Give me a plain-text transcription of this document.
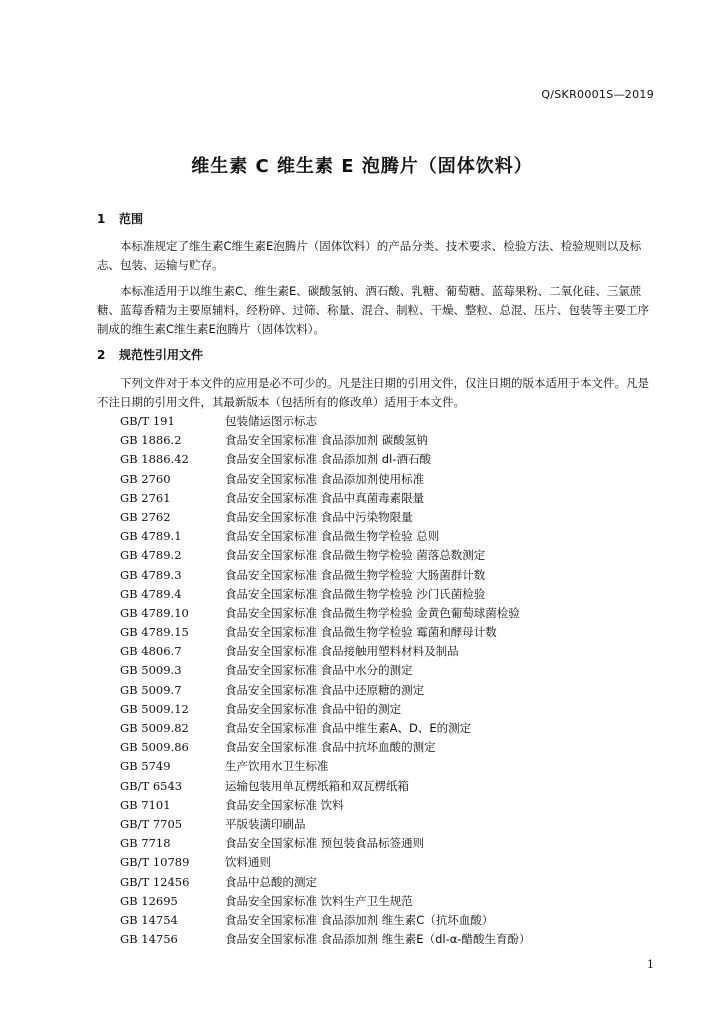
Q/SKR0001S—2019
维生素 C 维生素 E 泡腾片（固体饮料）
1 范围
本标准规定了维生素C维生素E泡腾片（固体饮料）的产品分类、技术要求、检验方法、检验规则以及标志、包装、运输与贮存。
本标准适用于以维生素C、维生素E、碳酸氢钠、酒石酸、乳糖、葡萄糖、蓝莓果粉、二氧化硅、三氯蔗糖、蓝莓香精为主要原辅料，经粉碎、过筛、称量、混合、制粒、干燥、整粒、总混、压片、包装等主要工序制成的维生素C维生素E泡腾片（固体饮料）。
2 规范性引用文件
下列文件对于本文件的应用是必不可少的。凡是注日期的引用文件，仅注日期的版本适用于本文件。凡是不注日期的引用文件，其最新版本（包括所有的修改单）适用于本文件。
GB/T 191	包装储运图示标志
GB 1886.2	食品安全国家标准 食品添加剂 碳酸氢钠
GB 1886.42	食品安全国家标准 食品添加剂 dl-酒石酸
GB 2760	食品安全国家标准 食品添加剂使用标准
GB 2761	食品安全国家标准 食品中真菌毒素限量
GB 2762	食品安全国家标准 食品中污染物限量
GB 4789.1	食品安全国家标准 食品微生物学检验 总则
GB 4789.2	食品安全国家标准 食品微生物学检验 菌落总数测定
GB 4789.3	食品安全国家标准 食品微生物学检验 大肠菌群计数
GB 4789.4	食品安全国家标准 食品微生物学检验 沙门氏菌检验
GB 4789.10	食品安全国家标准 食品微生物学检验 金黄色葡萄球菌检验
GB 4789.15	食品安全国家标准 食品微生物学检验 霉菌和酵母计数
GB 4806.7	食品安全国家标准 食品接触用塑料材料及制品
GB 5009.3	食品安全国家标准 食品中水分的测定
GB 5009.7	食品安全国家标准 食品中还原糖的测定
GB 5009.12	食品安全国家标准 食品中铅的测定
GB 5009.82	食品安全国家标准 食品中维生素A、D、E的测定
GB 5009.86	食品安全国家标准 食品中抗坏血酸的测定
GB 5749	生产饮用水卫生标准
GB/T 6543	运输包装用单瓦楞纸箱和双瓦楞纸箱
GB 7101	食品安全国家标准 饮料
GB/T 7705	平版装潢印刷品
GB 7718	食品安全国家标准 预包装食品标签通则
GB/T 10789	饮料通则
GB/T 12456	食品中总酸的测定
GB 12695	食品安全国家标准 饮料生产卫生规范
GB 14754	食品安全国家标准 食品添加剂 维生素C（抗坏血酸）
GB 14756	食品安全国家标准 食品添加剂 维生素E（dl-α-醋酸生育酚）
1
